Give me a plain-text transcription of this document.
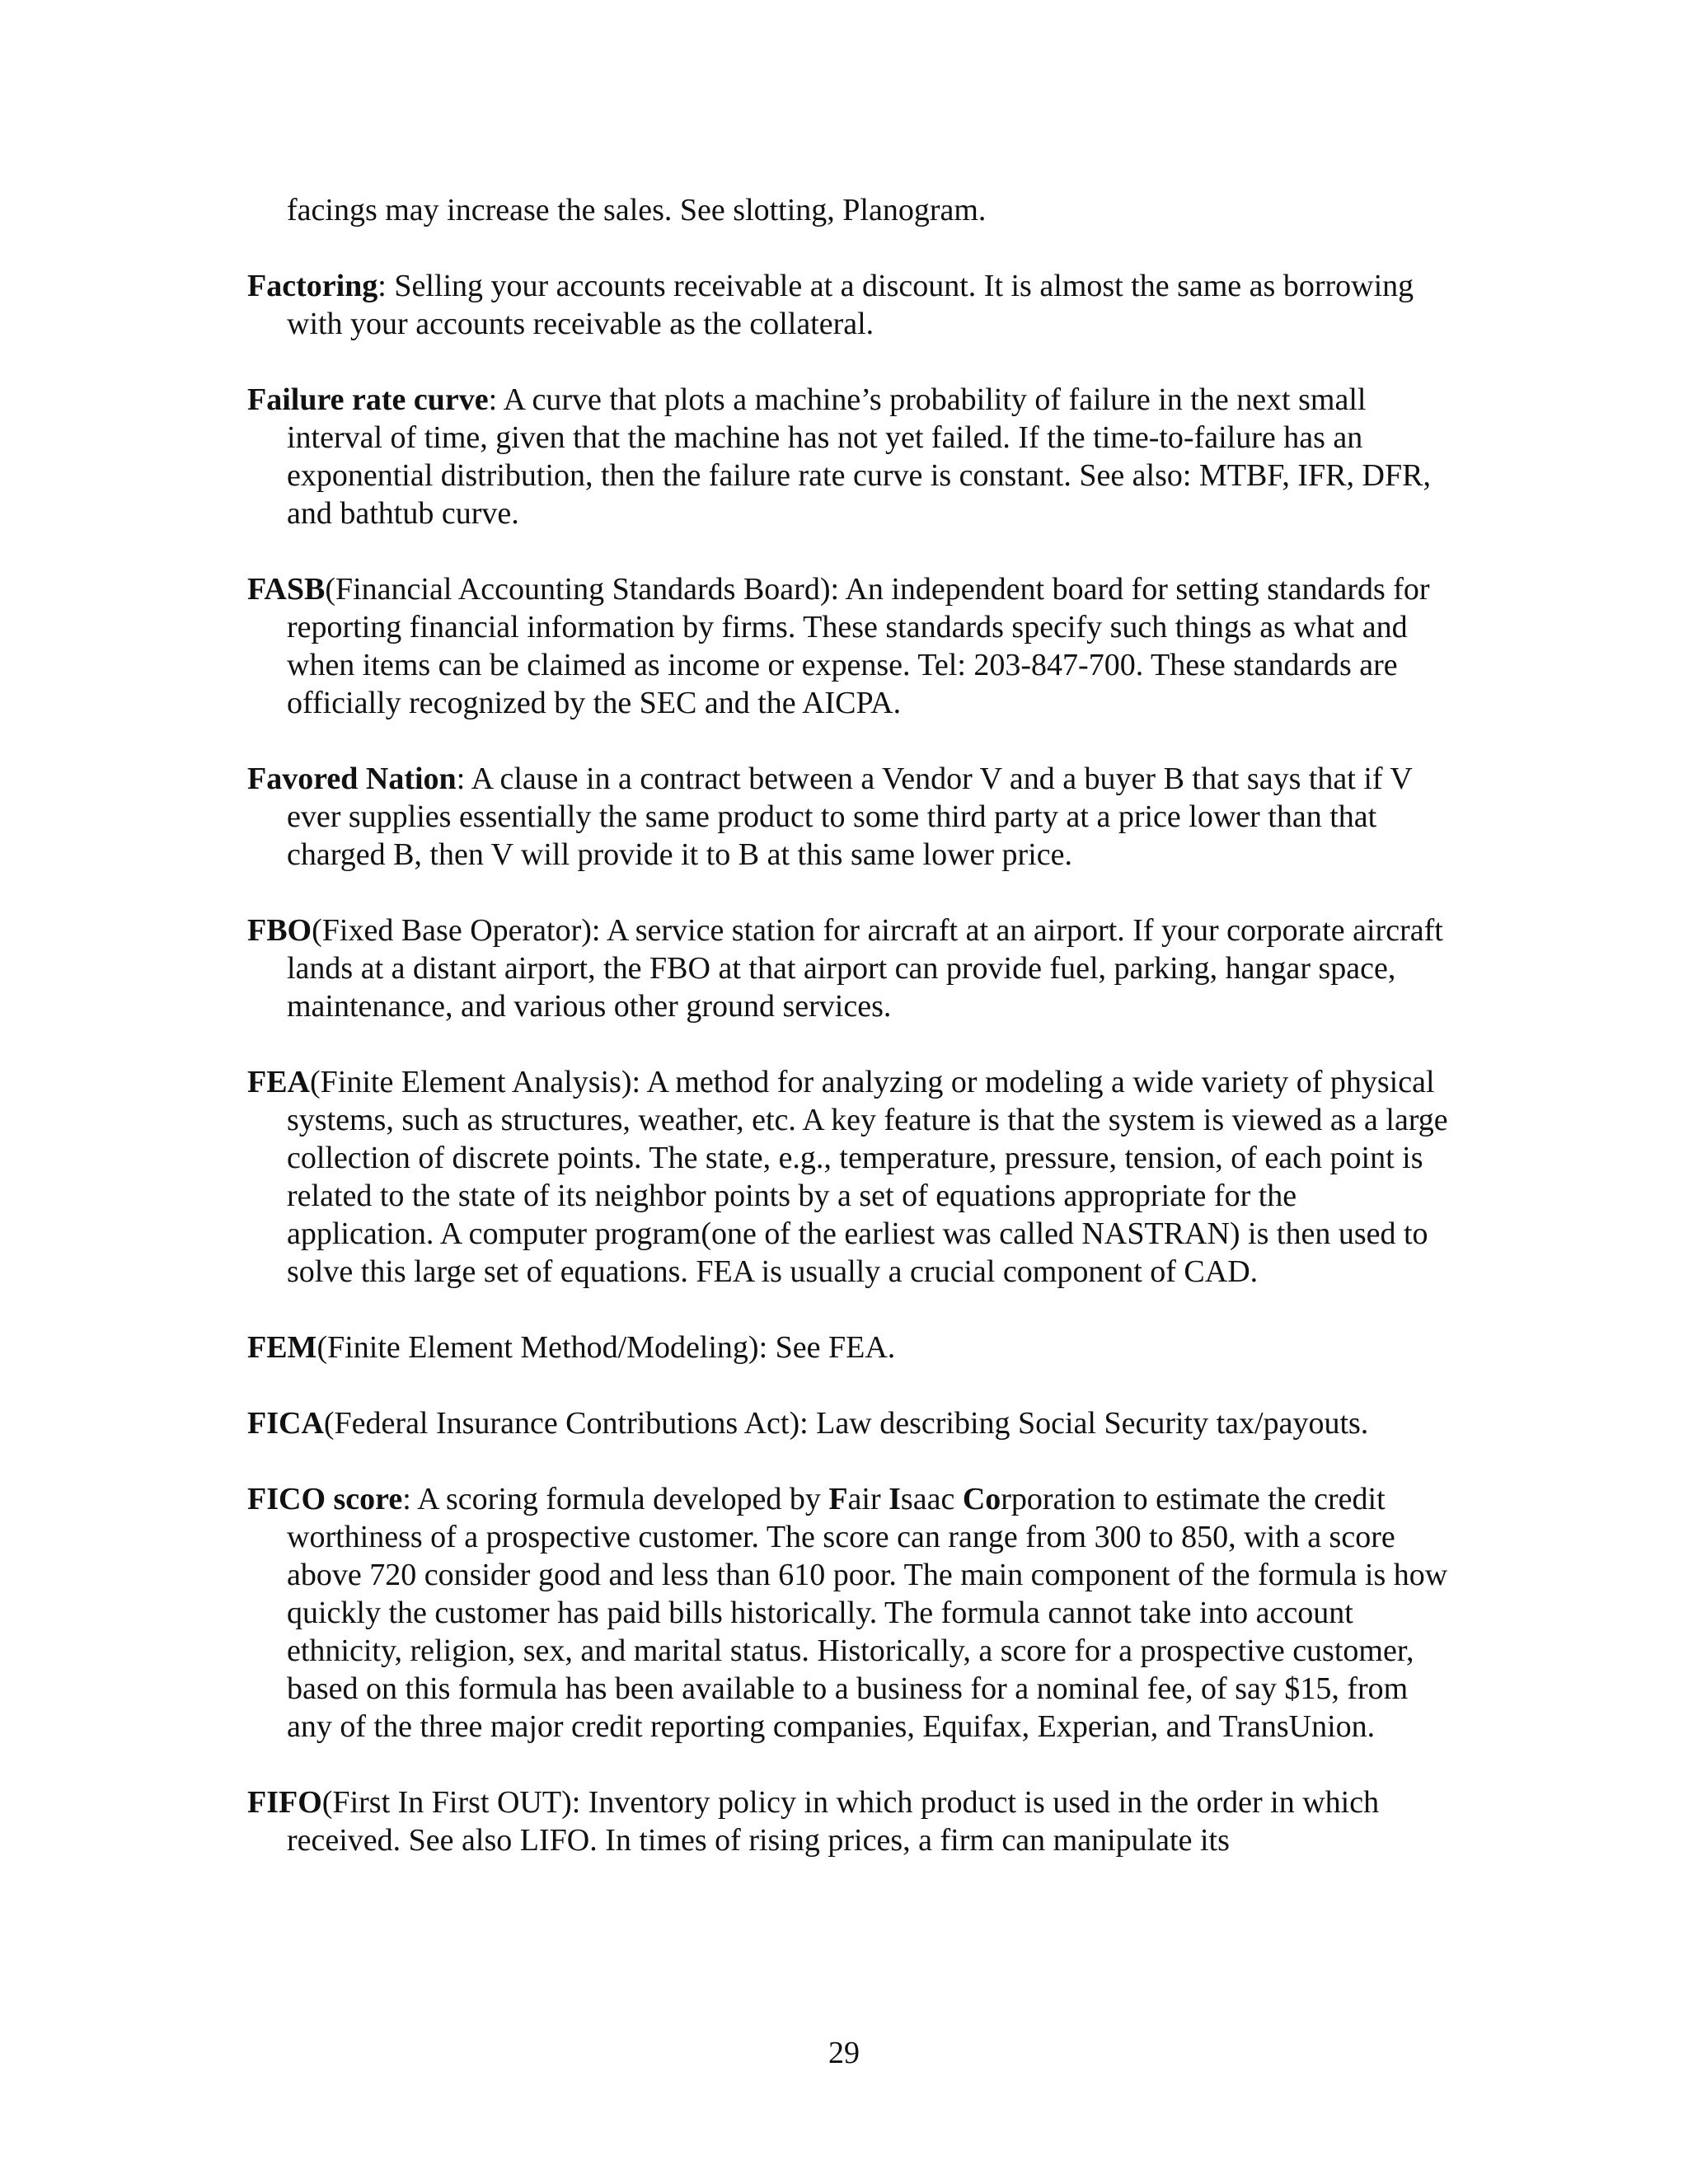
facings may increase the sales. See slotting, Planogram.

Factoring: Selling your accounts receivable at a discount. It is almost the same as borrowing with your accounts receivable as the collateral.

Failure rate curve: A curve that plots a machine’s probability of failure in the next small interval of time, given that the machine has not yet failed. If the time-to-failure has an exponential distribution, then the failure rate curve is constant. See also: MTBF, IFR, DFR, and bathtub curve.

FASB(Financial Accounting Standards Board): An independent board for setting standards for reporting financial information by firms. These standards specify such things as what and when items can be claimed as income or expense. Tel: 203-847-700. These standards are officially recognized by the SEC and the AICPA.

Favored Nation: A clause in a contract between a Vendor V and a buyer B that says that if V ever supplies essentially the same product to some third party at a price lower than that charged B, then V will provide it to B at this same lower price.

FBO(Fixed Base Operator): A service station for aircraft at an airport. If your corporate aircraft lands at a distant airport, the FBO at that airport can provide fuel, parking, hangar space, maintenance, and various other ground services.

FEA(Finite Element Analysis): A method for analyzing or modeling a wide variety of physical systems, such as structures, weather, etc. A key feature is that the system is viewed as a large collection of discrete points. The state, e.g., temperature, pressure, tension, of each point is related to the state of its neighbor points by a set of equations appropriate for the application. A computer program(one of the earliest was called NASTRAN) is then used to solve this large set of equations. FEA is usually a crucial component of CAD.

FEM(Finite Element Method/Modeling): See FEA.

FICA(Federal Insurance Contributions Act): Law describing Social Security tax/payouts.

FICO score: A scoring formula developed by Fair Isaac Corporation to estimate the credit worthiness of a prospective customer. The score can range from 300 to 850, with a score above 720 consider good and less than 610 poor. The main component of the formula is how quickly the customer has paid bills historically. The formula cannot take into account ethnicity, religion, sex, and marital status. Historically, a score for a prospective customer, based on this formula has been available to a business for a nominal fee, of say $15, from any of the three major credit reporting companies, Equifax, Experian, and TransUnion.

FIFO(First In First OUT): Inventory policy in which product is used in the order in which received. See also LIFO. In times of rising prices, a firm can manipulate its

29
